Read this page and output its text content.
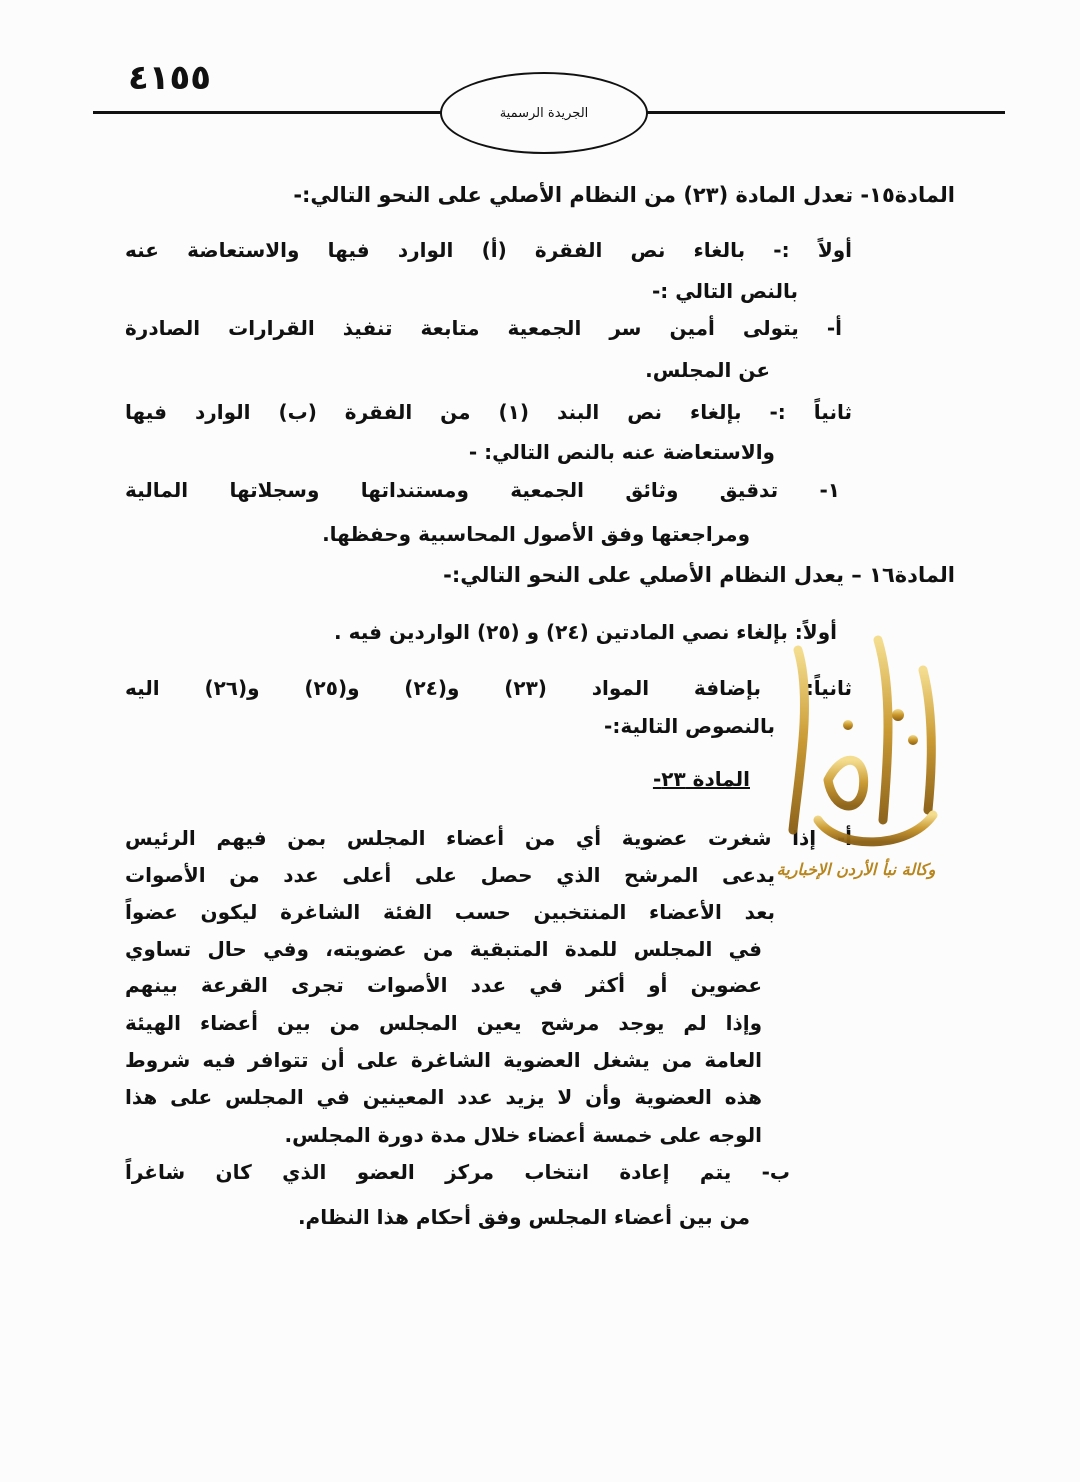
٤١٥٥
الجريدة الرسمية
المادة١٥- تعدل المادة (٢٣) من النظام الأصلي على النحو التالي:-
أولاً :- بالغاء نص الفقرة (أ) الوارد فيها والاستعاضة عنه
بالنص التالي :-
أ- يتولى أمين سر الجمعية متابعة تنفيذ القرارات الصادرة
عن المجلس.
ثانياً :- بإلغاء نص البند (١) من الفقرة (ب) الوارد فيها
والاستعاضة عنه بالنص التالي: -
١- تدقيق وثائق الجمعية ومستنداتها وسجلاتها المالية
ومراجعتها وفق الأصول المحاسبية وحفظها.
المادة١٦ – يعدل النظام الأصلي على النحو التالي:-
أولاً: بإلغاء نصي المادتين (٢٤) و (٢٥) الواردين فيه .
ثانياً: بإضافة المواد (٢٣) و(٢٤) و(٢٥) و(٢٦) اليه
بالنصوص التالية:-
المادة ٢٣-
أ- إذا شغرت عضوية أي من أعضاء المجلس بمن فيهم الرئيس
يدعى المرشح الذي حصل على أعلى عدد من الأصوات
بعد الأعضاء المنتخبين حسب الفئة الشاغرة ليكون عضواً
في المجلس للمدة المتبقية من عضويته، وفي حال تساوي
عضوين أو أكثر في عدد الأصوات تجرى القرعة بينهم
وإذا لم يوجد مرشح يعين المجلس من بين أعضاء الهيئة
العامة من يشغل العضوية الشاغرة على أن تتوافر فيه شروط
هذه العضوية وأن لا يزيد عدد المعينين في المجلس على هذا
الوجه على خمسة أعضاء خلال مدة دورة المجلس.
ب- يتم إعادة انتخاب مركز العضو الذي كان شاغراً
من بين أعضاء المجلس وفق أحكام هذا النظام.
وكالة نبأ الأردن الإخبارية
